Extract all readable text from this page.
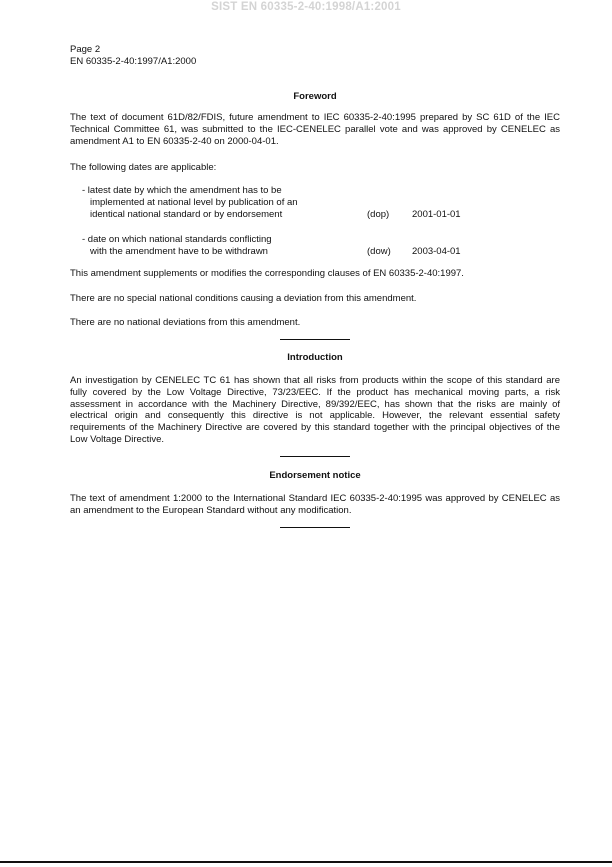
SIST EN 60335-2-40:1998/A1:2001
Page 2
EN 60335-2-40:1997/A1:2000
Foreword
The text of document 61D/82/FDIS, future amendment to IEC 60335-2-40:1995 prepared by SC 61D of the IEC Technical Committee 61, was submitted to the IEC-CENELEC parallel vote and was approved by CENELEC as amendment A1 to EN 60335-2-40 on 2000-04-01.
The following dates are applicable:
- latest date by which the amendment has to be
implemented at national level by publication of an
identical national standard or by endorsement	(dop) 2001-01-01
- date on which national standards conflicting
with the amendment have to be withdrawn	(dow) 2003-04-01
This amendment supplements or modifies the corresponding clauses of EN 60335-2-40:1997.
There are no special national conditions causing a deviation from this amendment.
There are no national deviations from this amendment.
Introduction
An investigation by CENELEC TC 61 has shown that all risks from products within the scope of this standard are fully covered by the Low Voltage Directive, 73/23/EEC. If the product has mechanical moving parts, a risk assessment in accordance with the Machinery Directive, 89/392/EEC, has shown that the risks are mainly of electrical origin and consequently this directive is not applicable. However, the relevant essential safety requirements of the Machinery Directive are covered by this standard together with the principal objectives of the Low Voltage Directive.
Endorsement notice
The text of amendment 1:2000 to the International Standard IEC 60335-2-40:1995 was approved by CENELEC as an amendment to the European Standard without any modification.
